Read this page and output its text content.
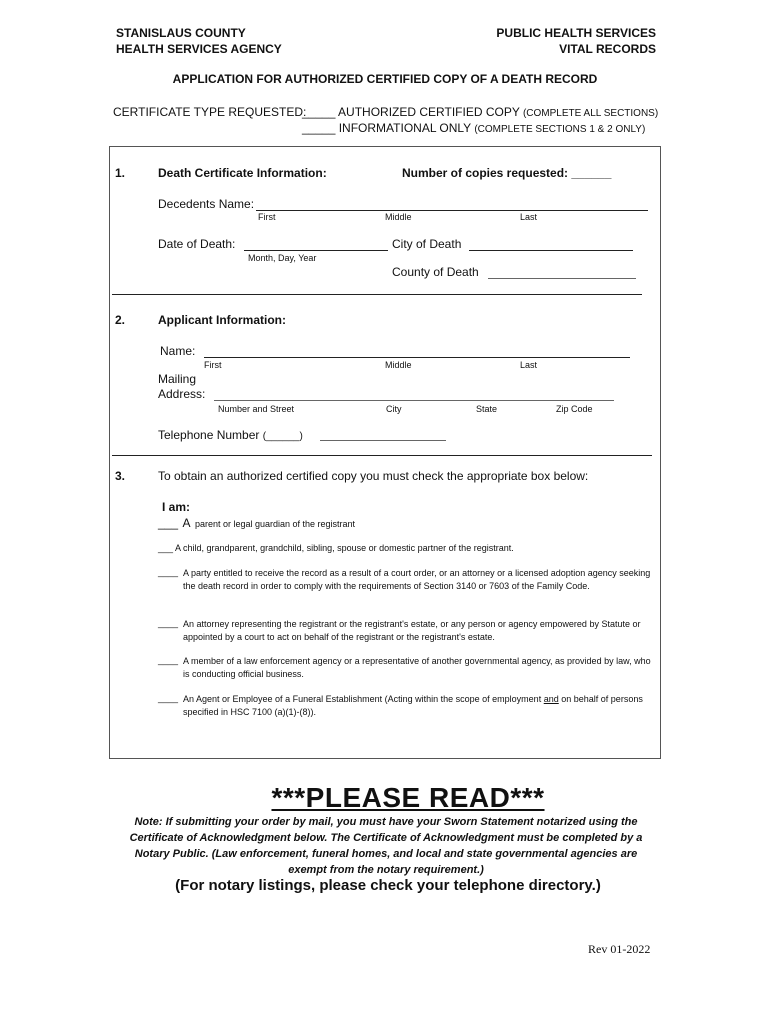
STANISLAUS COUNTY
HEALTH SERVICES AGENCY
PUBLIC HEALTH SERVICES
VITAL RECORDS
APPLICATION FOR AUTHORIZED CERTIFIED COPY OF A DEATH RECORD
CERTIFICATE TYPE REQUESTED:
_____ AUTHORIZED CERTIFIED COPY (COMPLETE ALL SECTIONS)
_____ INFORMATIONAL ONLY (COMPLETE SECTIONS 1 & 2 ONLY)
1.	Death Certificate Information:	Number of copies requested: ______
Decedents Name:
First	Middle	Last
Date of Death:
Month, Day, Year
City of Death
County of Death
2.	Applicant Information:
Name:
First	Middle	Last
Mailing
Address:
Number and Street	City	State	Zip Code
Telephone Number (______)
3.	To obtain an authorized certified copy you must check the appropriate box below:
I am:
___ A parent or legal guardian of the registrant
___ A child, grandparent, grandchild, sibling, spouse or domestic partner of the registrant.
____ A party entitled to receive the record as a result of a court order, or an attorney or a licensed adoption agency seeking the death record in order to comply with the requirements of Section 3140 or 7603 of the Family Code.
____ An attorney representing the registrant or the registrant's estate, or any person or agency empowered by Statute or appointed by a court to act on behalf of the registrant or the registrant's estate.
____ A member of a law enforcement agency or a representative of another governmental agency, as provided by law, who is conducting official business.
____ An Agent or Employee of a Funeral Establishment (Acting within the scope of employment and on behalf of persons specified in HSC 7100 (a)(1)-(8)).
***PLEASE READ***
Note: If submitting your order by mail, you must have your Sworn Statement notarized using the Certificate of Acknowledgment below. The Certificate of Acknowledgment must be completed by a Notary Public. (Law enforcement, funeral homes, and local and state governmental agencies are exempt from the notary requirement.)
(For notary listings, please check your telephone directory.)
Rev 01-2022
